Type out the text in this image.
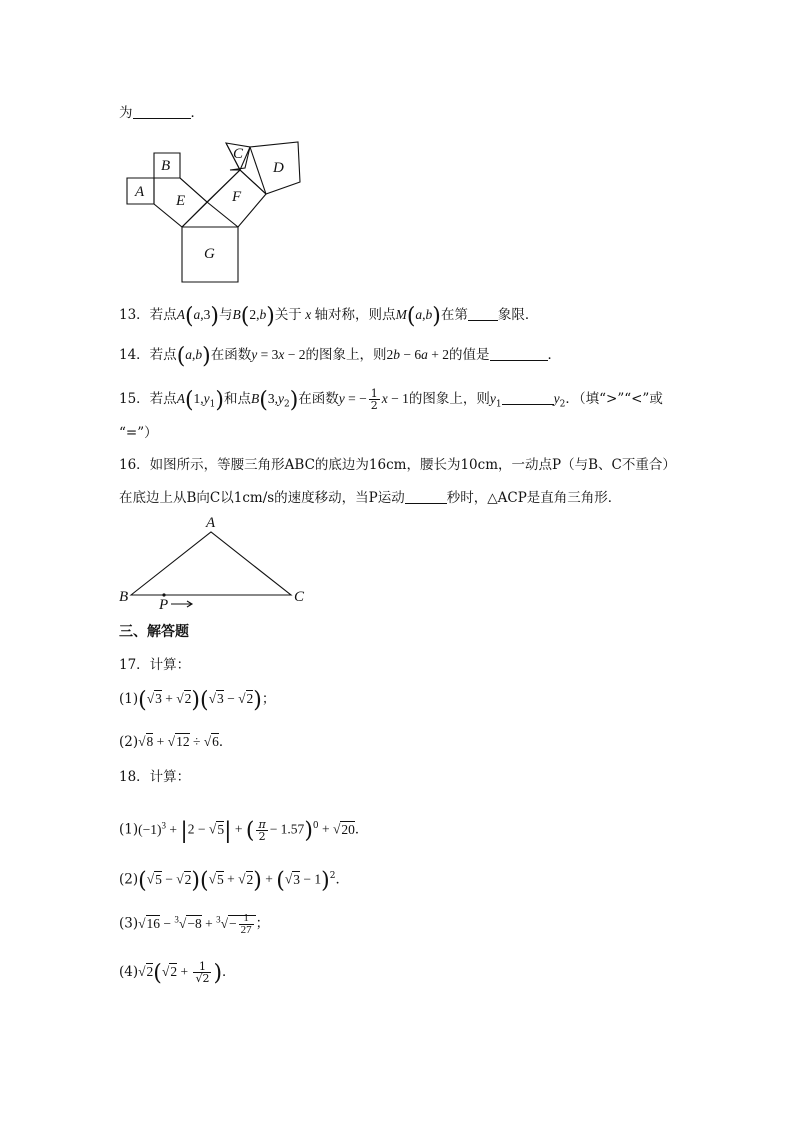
为	．
A
B
E
C
D
F
G
13．若点A(a,3)与B(2,b)关于 x 轴对称，则点M(a,b)在第 象限．
14．若点(a,b)在函数y = 3x − 2的图象上，则2b − 6a + 2的值是	．
15．若点$A(1,y_1)$和点$B(3,y_2)$在函数y = − $\frac{1}{2}$ x − 1的图象上，则$y_1$	$y_2$．（填“>”“<”或
“=”）
16．如图所示，等腰三角形ABC的底边为16cm，腰长为10cm，一动点P（与B、C不重合）
在底边上从B向C以1cm/s的速度移动，当P运动	秒时，△ACP是直角三角形．
A
B	C
P
三、解答题
17．计算：
(1)(√3 + √2)(√3 − √2)；
(2)√8 + √12 ÷ √6．
18．计算：
$(1)(-1)^3 + |2 - √5|$ + ( $\frac{\pi}{2} - 1.57)^0 + √20$．
$(2)(√5 - √2)(√5 + √2) + (√3 - 1)^2$．
$(3)√16 - ^3√-8 + ^3√- \frac{1}{27}$ ；
$(4)√2(√2 + \frac{1}{√2}$ )．
